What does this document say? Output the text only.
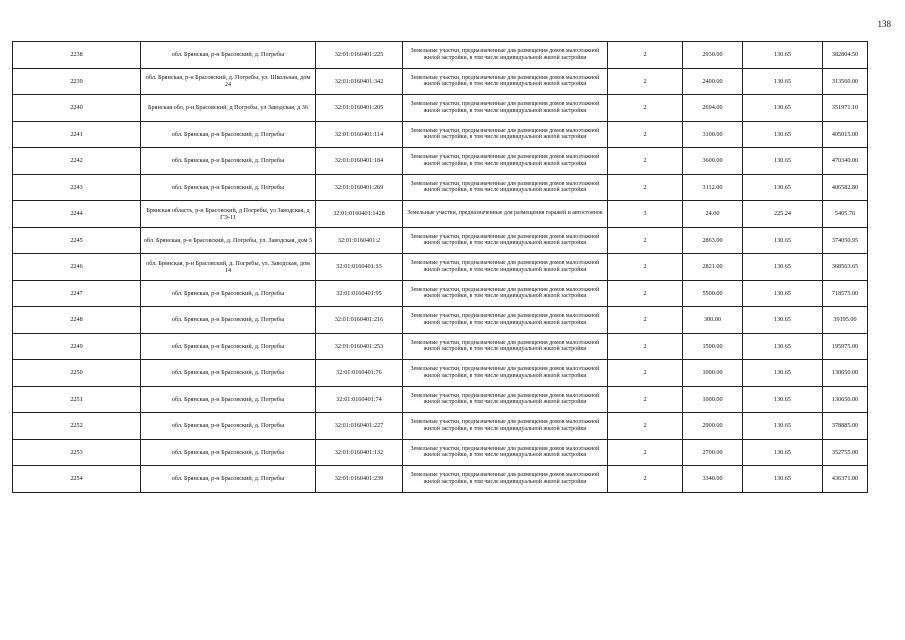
138
2238	обл. Брянская, р-н Брасовский, д. Погребы	32:01:0160401:225	Земельные участки, предназначенные для размещения домов малоэтажной жилой застройки, в том числе индивидуальной жилой застройки	2	2930.00	130.65	382804.50
2239	обл. Брянская, р-н Брасовский, д. Погребы, ул. Школьная, дом 24	32:01:0160401:342	Земельные участки, предназначенные для размещения домов малоэтажной жилой застройки, в том числе индивидуальной жилой застройки	2	2400.00	130.65	313560.00
2240	Брянская обл, р-н Брасовский, д Погребы, ул Заводская, д 36	32:01:0160401:205	Земельные участки, предназначенные для размещения домов малоэтажной жилой застройки, в том числе индивидуальной жилой застройки	2	2694.00	130.65	351971.10
2241	обл. Брянская, р-н Брасовский, д. Погребы	32:01:0160401:114	Земельные участки, предназначенные для размещения домов малоэтажной жилой застройки, в том числе индивидуальной жилой застройки	2	3100.00	130.65	405015.00
2242	обл. Брянская, р-н Брасовский, д. Погребы	32:01:0160401:184	Земельные участки, предназначенные для размещения домов малоэтажной жилой застройки, в том числе индивидуальной жилой застройки	2	3600.00	130.65	470340.00
2243	обл. Брянская, р-н Брасовский, д. Погребы	32:01:0160401:269	Земельные участки, предназначенные для размещения домов малоэтажной жилой застройки, в том числе индивидуальной жилой застройки	2	3112.00	130.65	406582.80
2244	Брянская область, р-н Брасовский, д Погребы, ул Заводская, д ГЭ-11	32:01:0160401:1428	Земельные участки, предназначенные для размещения гаражей и автостоянок	3	24.00	225.24	5405.76
2245	обл. Брянская, р-н Брасовский, д. Погребы, ул. Заводская, дом 5	32:01:0160401:2	Земельные участки, предназначенные для размещения домов малоэтажной жилой застройки, в том числе индивидуальной жилой застройки	2	2863.00	130.65	374050.95
2246	обл. Брянская, р-н Брасовский, д. Погребы, ул. Заводская, дом 14	32:01:0160401:33	Земельные участки, предназначенные для размещения домов малоэтажной жилой застройки, в том числе индивидуальной жилой застройки	2	2821.00	130.65	368563.65
2247	обл. Брянская, р-н Брасовский, д. Погребы	32:01:0160401:95	Земельные участки, предназначенные для размещения домов малоэтажной жилой застройки, в том числе индивидуальной жилой застройки	2	5500.00	130.65	718575.00
2248	обл. Брянская, р-н Брасовский, д. Погребы	32:01:0160401:216	Земельные участки, предназначенные для размещения домов малоэтажной жилой застройки, в том числе индивидуальной жилой застройки	2	300.00	130.65	39195.00
2249	обл. Брянская, р-н Брасовский, д. Погребы	32:01:0160401:253	Земельные участки, предназначенные для размещения домов малоэтажной жилой застройки, в том числе индивидуальной жилой застройки	2	1500.00	130.65	195975.00
2250	обл. Брянская, р-н Брасовский, д. Погребы	32:01:0160401:76	Земельные участки, предназначенные для размещения домов малоэтажной жилой застройки, в том числе индивидуальной жилой застройки	2	1000.00	130.65	130650.00
2251	обл. Брянская, р-н Брасовский, д. Погребы	32:01:0160401:74	Земельные участки, предназначенные для размещения домов малоэтажной жилой застройки, в том числе индивидуальной жилой застройки	2	1000.00	130.65	130650.00
2252	обл. Брянская, р-н Брасовский, д. Погребы	32:01:0160401:227	Земельные участки, предназначенные для размещения домов малоэтажной жилой застройки, в том числе индивидуальной жилой застройки	2	2900.00	130.65	378885.00
2253	обл. Брянская, р-н Брасовский, д. Погребы	32:01:0160401:132	Земельные участки, предназначенные для размещения домов малоэтажной жилой застройки, в том числе индивидуальной жилой застройки	2	2700.00	130.65	352755.00
2254	обл. Брянская, р-н Брасовский, д. Погребы	32:01:0160401:239	Земельные участки, предназначенные для размещения домов малоэтажной жилой застройки, в том числе индивидуальной жилой застройки	2	3340.00	130.65	436371.00
